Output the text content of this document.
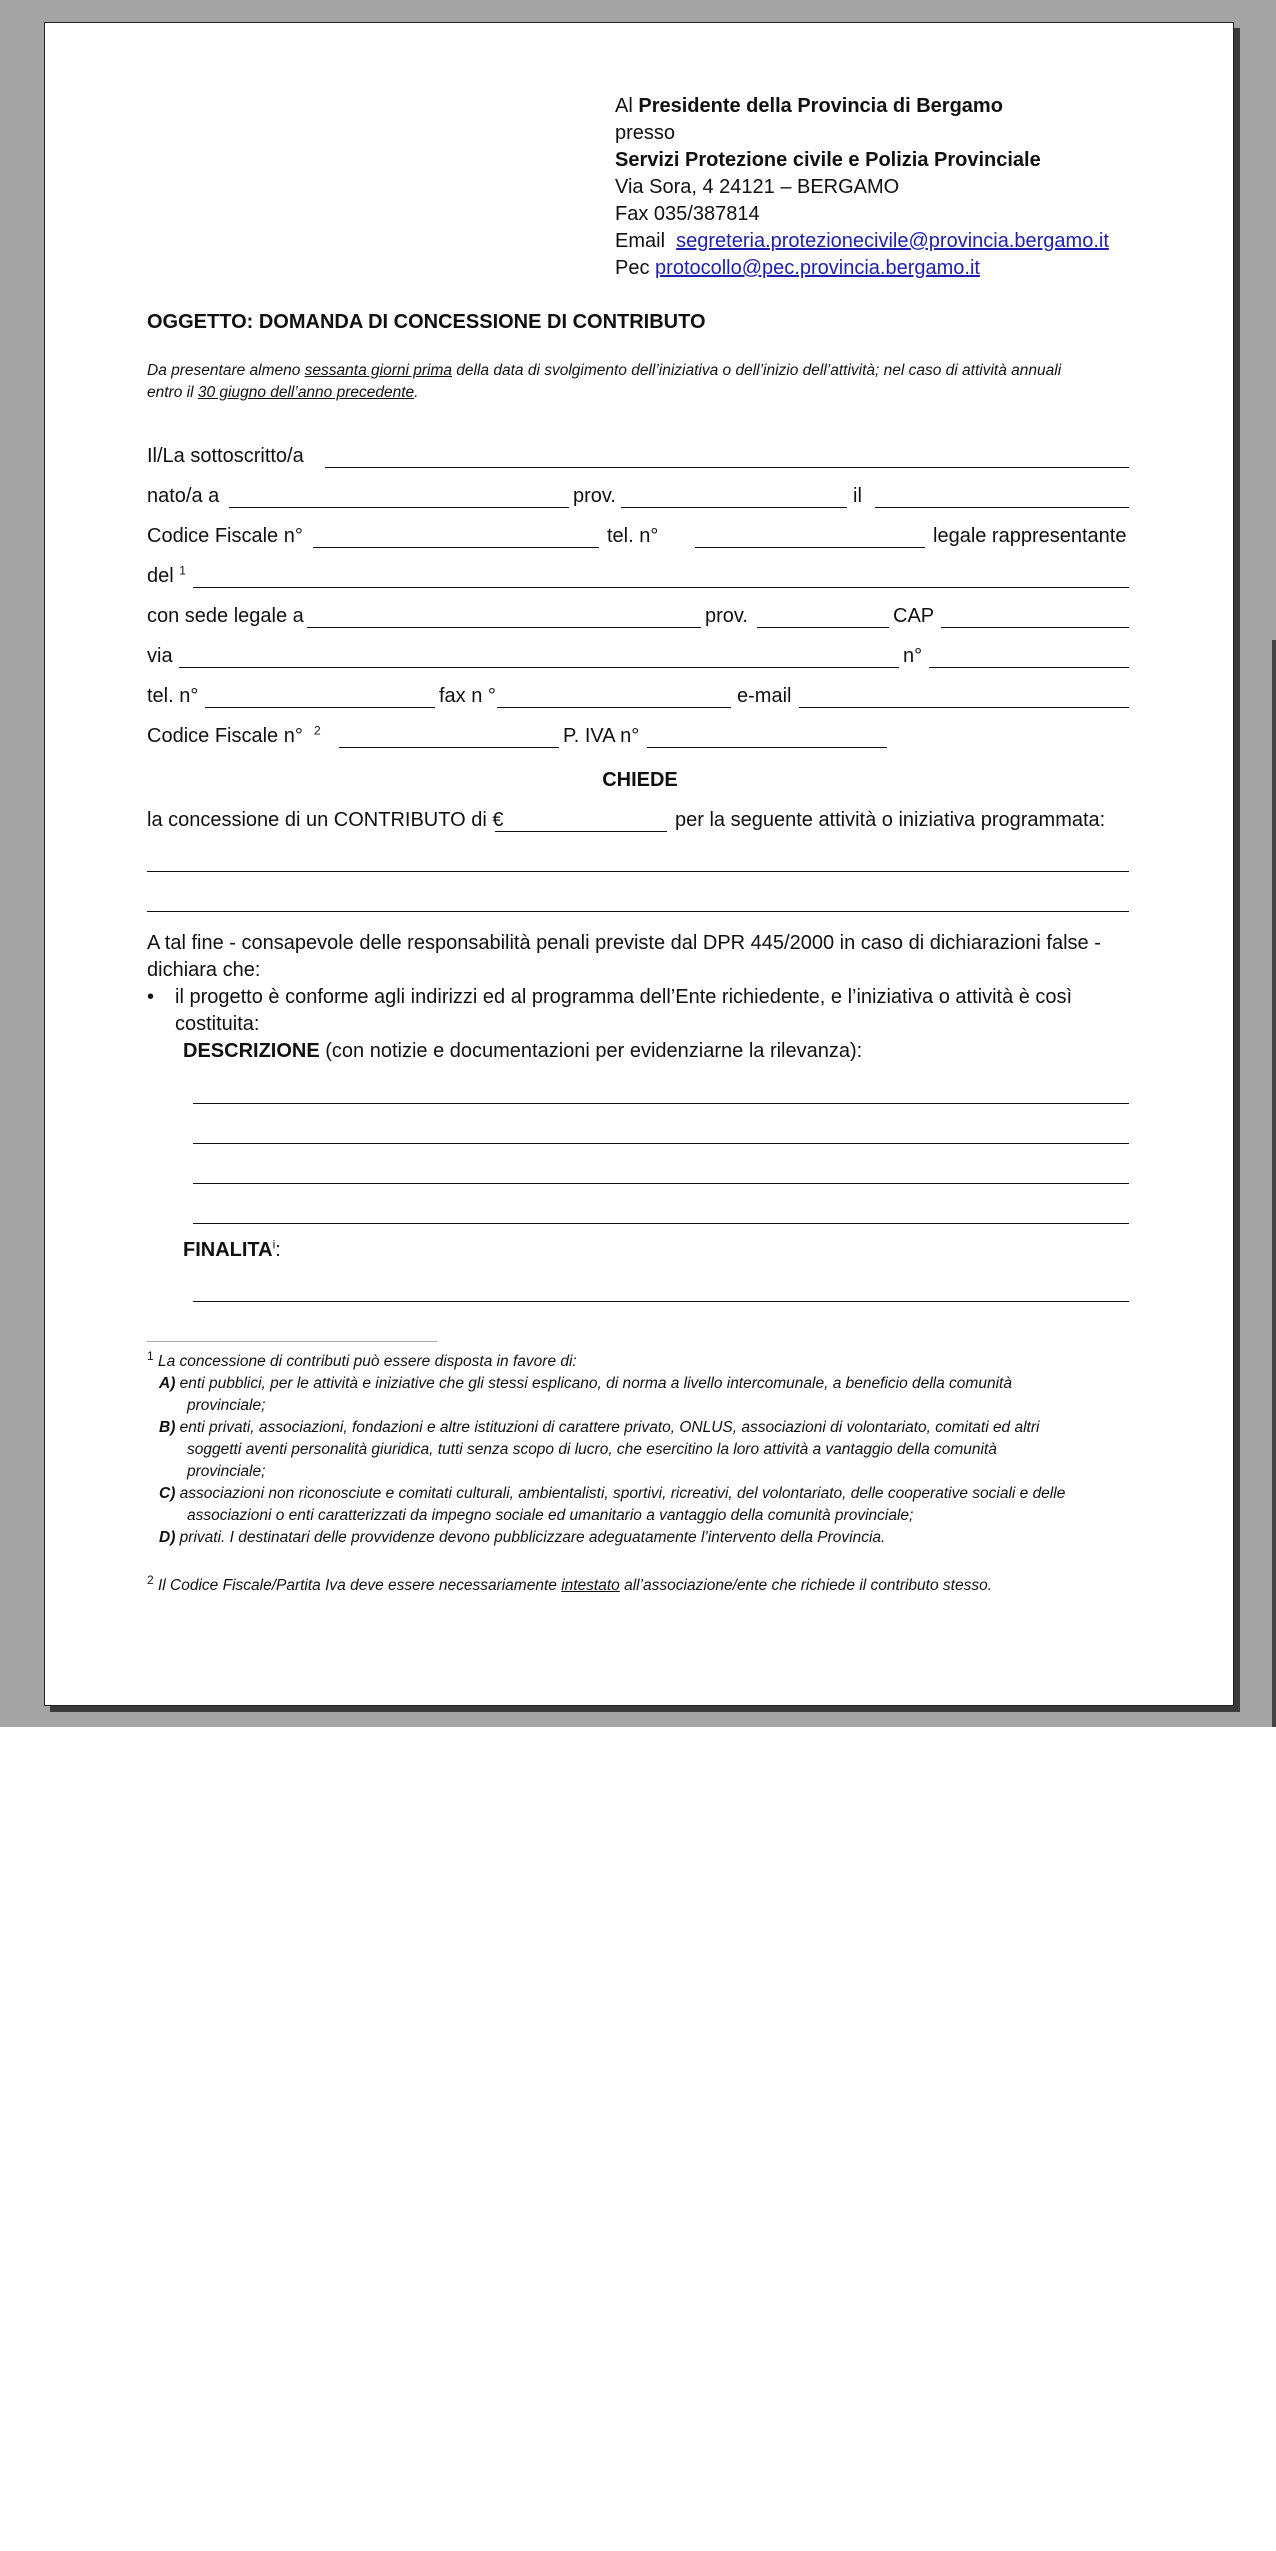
Al Presidente della Provincia di Bergamo
presso
Servizi Protezione civile e Polizia Provinciale
Via Sora, 4 24121 – BERGAMO
Fax 035/387814
Email segreteria.protezionecivile@provincia.bergamo.it
Pec protocollo@pec.provincia.bergamo.it
OGGETTO: DOMANDA DI CONCESSIONE DI CONTRIBUTO
Da presentare almeno sessanta giorni prima della data di svolgimento dell’iniziativa o dell’inizio dell’attività; nel caso di attività annuali
entro il 30 giugno dell’anno precedente.
Il/La sottoscritto/a
nato/a a	prov.	il
Codice Fiscale n°	tel. n°	legale rappresentante
del $^1$
con sede legale a	prov.	CAP
via	n°
tel. n°	fax n °	e-mail
Codice Fiscale n° $^2$	P. IVA n°
CHIEDE
la concessione di un CONTRIBUTO di €	per la seguente attività o iniziativa programmata:
A tal fine - consapevole delle responsabilità penali previste dal DPR 445/2000 in caso di dichiarazioni false -
dichiara che:
• il progetto è conforme agli indirizzi ed al programma dell’Ente richiedente, e l’iniziativa o attività è così
costituita:
DESCRIZIONE (con notizie e documentazioni per evidenziarne la rilevanza):
FINALITA$^i$:
$^1$ La concessione di contributi può essere disposta in favore di:
A) enti pubblici, per le attività e iniziative che gli stessi esplicano, di norma a livello intercomunale, a beneficio della comunità
provinciale;
B) enti privati, associazioni, fondazioni e altre istituzioni di carattere privato, ONLUS, associazioni di volontariato, comitati ed altri
soggetti aventi personalità giuridica, tutti senza scopo di lucro, che esercitino la loro attività a vantaggio della comunità
provinciale;
C) associazioni non riconosciute e comitati culturali, ambientalisti, sportivi, ricreativi, del volontariato, delle cooperative sociali e delle
associazioni o enti caratterizzati da impegno sociale ed umanitario a vantaggio della comunità provinciale;
D) privati. I destinatari delle provvidenze devono pubblicizzare adeguatamente l’intervento della Provincia.
$^2$ Il Codice Fiscale/Partita Iva deve essere necessariamente intestato all’associazione/ente che richiede il contributo stesso.
